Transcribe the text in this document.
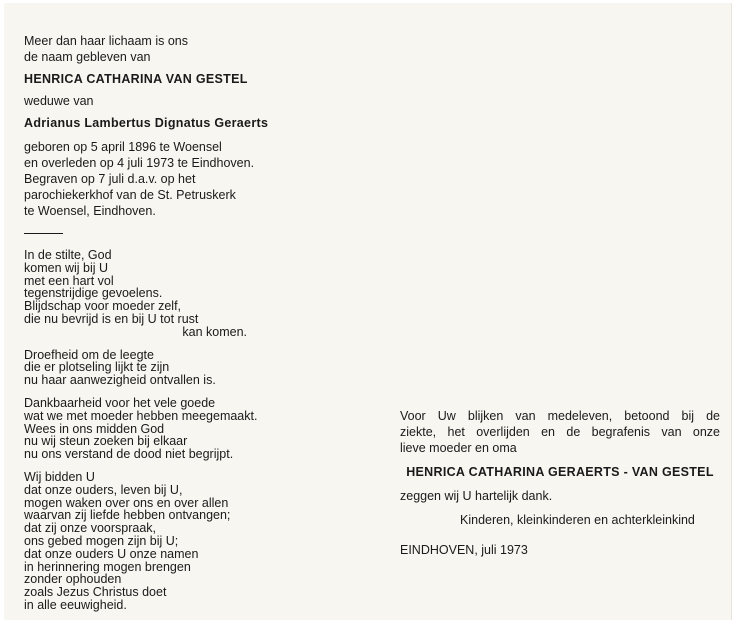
Meer dan haar lichaam is ons
de naam gebleven van
HENRICA CATHARINA VAN GESTEL
weduwe van
Adrianus Lambertus Dignatus Geraerts
geboren op 5 april 1896 te Woensel
en overleden op 4 juli 1973 te Eindhoven.
Begraven op 7 juli d.a.v. op het
parochiekerkhof van de St. Petruskerk
te Woensel, Eindhoven.
In de stilte, God
komen wij bij U
met een hart vol
tegenstrijdige gevoelens.
Blijdschap voor moeder zelf,
die nu bevrijd is en bij U tot rust
kan komen.
Droefheid om de leegte
die er plotseling lijkt te zijn
nu haar aanwezigheid ontvallen is.
Dankbaarheid voor het vele goede
wat we met moeder hebben meegemaakt.
Wees in ons midden God
nu wij steun zoeken bij elkaar
nu ons verstand de dood niet begrijpt.
Wij bidden U
dat onze ouders, leven bij U,
mogen waken over ons en over allen
waarvan zij liefde hebben ontvangen;
dat zij onze voorspraak,
ons gebed mogen zijn bij U;
dat onze ouders U onze namen
in herinnering mogen brengen
zonder ophouden
zoals Jezus Christus doet
in alle eeuwigheid.
Voor Uw blijken van medeleven, betoond bij de
ziekte, het overlijden en de begrafenis van onze
lieve moeder en oma
HENRICA CATHARINA GERAERTS - VAN GESTEL
zeggen wij U hartelijk dank.
Kinderen, kleinkinderen en achterkleinkind
EINDHOVEN, juli 1973
